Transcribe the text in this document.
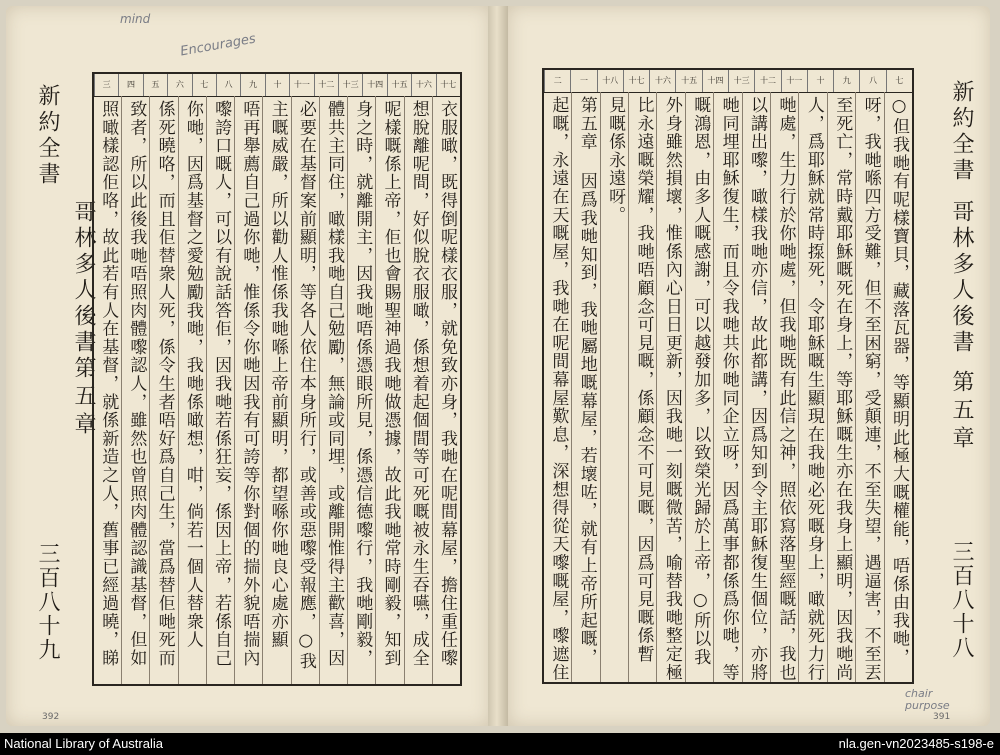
新約全書
哥林多人後書
第五章
三百八十九
十七
十六
十五
十四
十三
十二
十一
十
九
八
七
六
五
四
三
衣服噉，既得倒呢樣衣服，就免致亦身，我哋在呢間幕屋，擔住重任嚟
想脫離呢間，好似脫衣服噉，係想着起個間等可死嘅被永生吞嚥，成全
呢樣嘅係上帝，佢也會賜聖神過我哋做憑據，故此我哋常時剛毅，知到
身之時，就離開主，因我哋唔係憑眼所見，係憑信德嚟行，我哋剛毅，
體共主同住，噉樣我哋自己勉勵，無論或同埋，或離開惟得主歡喜，因
必要在基督案前顯明，等各人依住本身所行，或善或惡嚟受報應，○我
主嘅威嚴，所以勸人惟係我哋喺上帝前顯明，都望喺你哋良心處亦顯
唔再舉薦自己過你哋，惟係令你哋因我有可誇等你對個的揣外貌唔揣內
嚟誇口嘅人，可以有說話答佢，因我哋若係狂妄，係因上帝，若係自己
你哋，因爲基督之愛勉勵我哋，我哋係噉想，咁，倘若一個人替衆人
係死曉咯，而且佢替衆人死，係令生者唔好爲自己生，當爲替佢哋死而
致者，所以此後我哋唔照肉體嚟認人，雖然也曾照肉體認識基督，但如
照噉樣認佢咯，故此若有人在基督，就係新造之人，舊事已經過曉，睇
七
八
九
十
十一
十二
十三
十四
十五
十六
十七
十八
一
二
○但我哋有呢樣寶貝，藏落瓦器，等顯明此極大嘅權能，唔係由我哋，
呀，我哋喺四方受難，但不至困窮，受顛連，不至失望，遇逼害，不至丟
至死亡，常時戴耶穌嘅死在身上，等耶穌嘅生亦在我身上顯明，因我哋尚
人，爲耶穌就常時揼死，令耶穌嘅生顯現在我哋必死嘅身上，噉就死力行
哋處，生力行於你哋處，但我哋既有此信之神，照依寫落聖經嘅話，我也
以講出嚟，噉樣我哋亦信，故此都講，因爲知到令主耶穌復生個位，亦將
哋同埋耶穌復生，而且令我哋共你哋同企立呀，因爲萬事都係爲你哋，等
嘅鴻恩，由多人嘅感謝，可以越發加多，以致榮光歸於上帝，○所以我
外身雖然損壞，惟係內心日日更新，因我哋一刻嘅微苦，喻替我哋整定極
比永遠嘅榮耀，我哋唔顧念可見嘅，係顧念不可見嘅，因爲可見嘅係暫
見嘅係永遠呀。
第五章 因爲我哋知到，我哋屬地嘅幕屋，若壞咗，就有上帝所起嘅，
起嘅，永遠在天嘅屋，我哋在呢間幕屋歎息，深想得從天嚟嘅屋，嚟遮住
新約全書
哥林多人後書
第五章
三百八十八
mind
Encourages
chair purpose
392	391
National Library of Australia	nla.gen-vn2023485-s198-e
